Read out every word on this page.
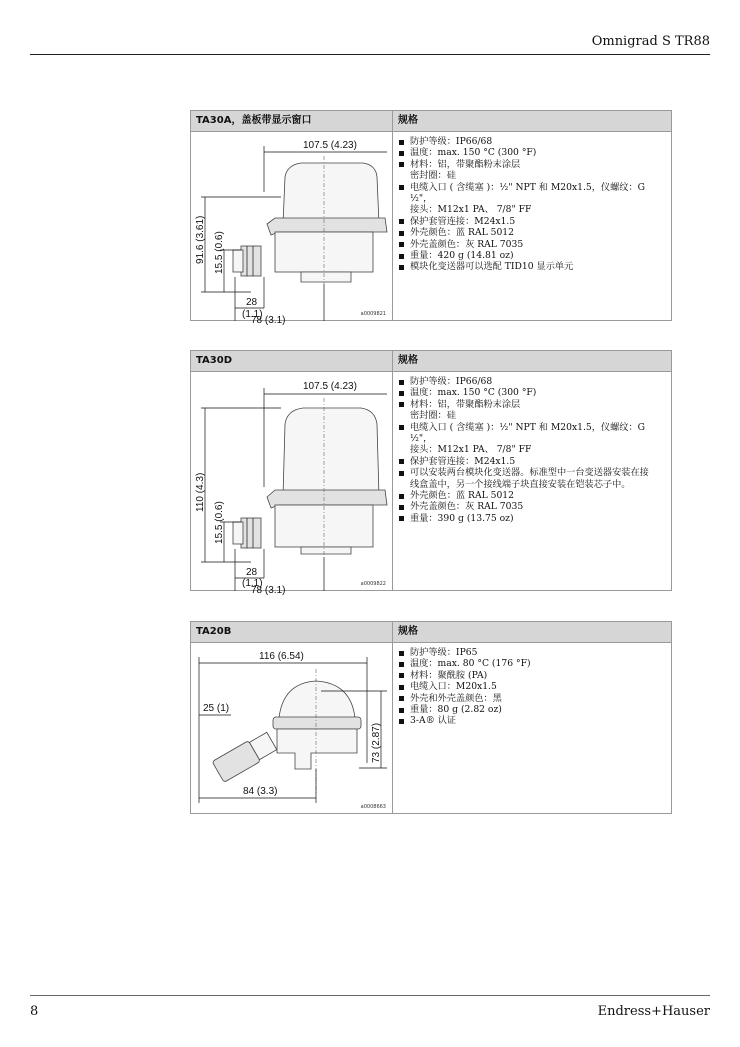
Omnigrad S TR88
TA30A，盖板带显示窗口	规格
107.5 (4.23)
91.6 (3.61) 15.5 (0.6)
28
(1.1)
78 (3.1)
a0009821
防护等级：IP66/68
温度：max. 150 °C (300 °F)
材料：铝，带聚酯粉末涂层
密封圈：硅
电缆入口 ( 含缆塞 )：½" NPT 和 M20x1.5，仪螺纹：G ½"，
接头：M12x1 PA、 7/8" FF
保护套管连接：M24x1.5
外壳颜色：蓝 RAL 5012
外壳盖颜色：灰 RAL 7035
重量：420 g (14.81 oz)
模块化变送器可以选配 TID10 显示单元
TA30D	规格
107.5 (4.23)
110 (4.3)
15.5 (0.6)
28
(1.1)
78 (3.1)
a0009822
防护等级：IP66/68
温度：max. 150 °C (300 °F)
材料：铝，带聚酯粉末涂层
密封圈：硅
电缆入口 ( 含缆塞 )：½" NPT 和 M20x1.5，仪螺纹：G ½"，
接头：M12x1 PA、 7/8" FF
保护套管连接：M24x1.5
可以安装两台模块化变送器。标准型中一台变送器安装在接
线盒盖中，另一个接线端子块直接安装在铠装芯子中。
外壳颜色：蓝 RAL 5012
外壳盖颜色：灰 RAL 7035
重量：390 g (13.75 oz)
TA20B	规格
116 (6.54)
25 (1)
73 (2.87)
84 (3.3)
a0008663
防护等级：IP65
温度：max. 80 °C (176 °F)
材料：聚酰胺 (PA)
电缆入口：M20x1.5
外壳和外壳盖颜色：黑
重量：80 g (2.82 oz)
3-A® 认证
8	Endress+Hauser
